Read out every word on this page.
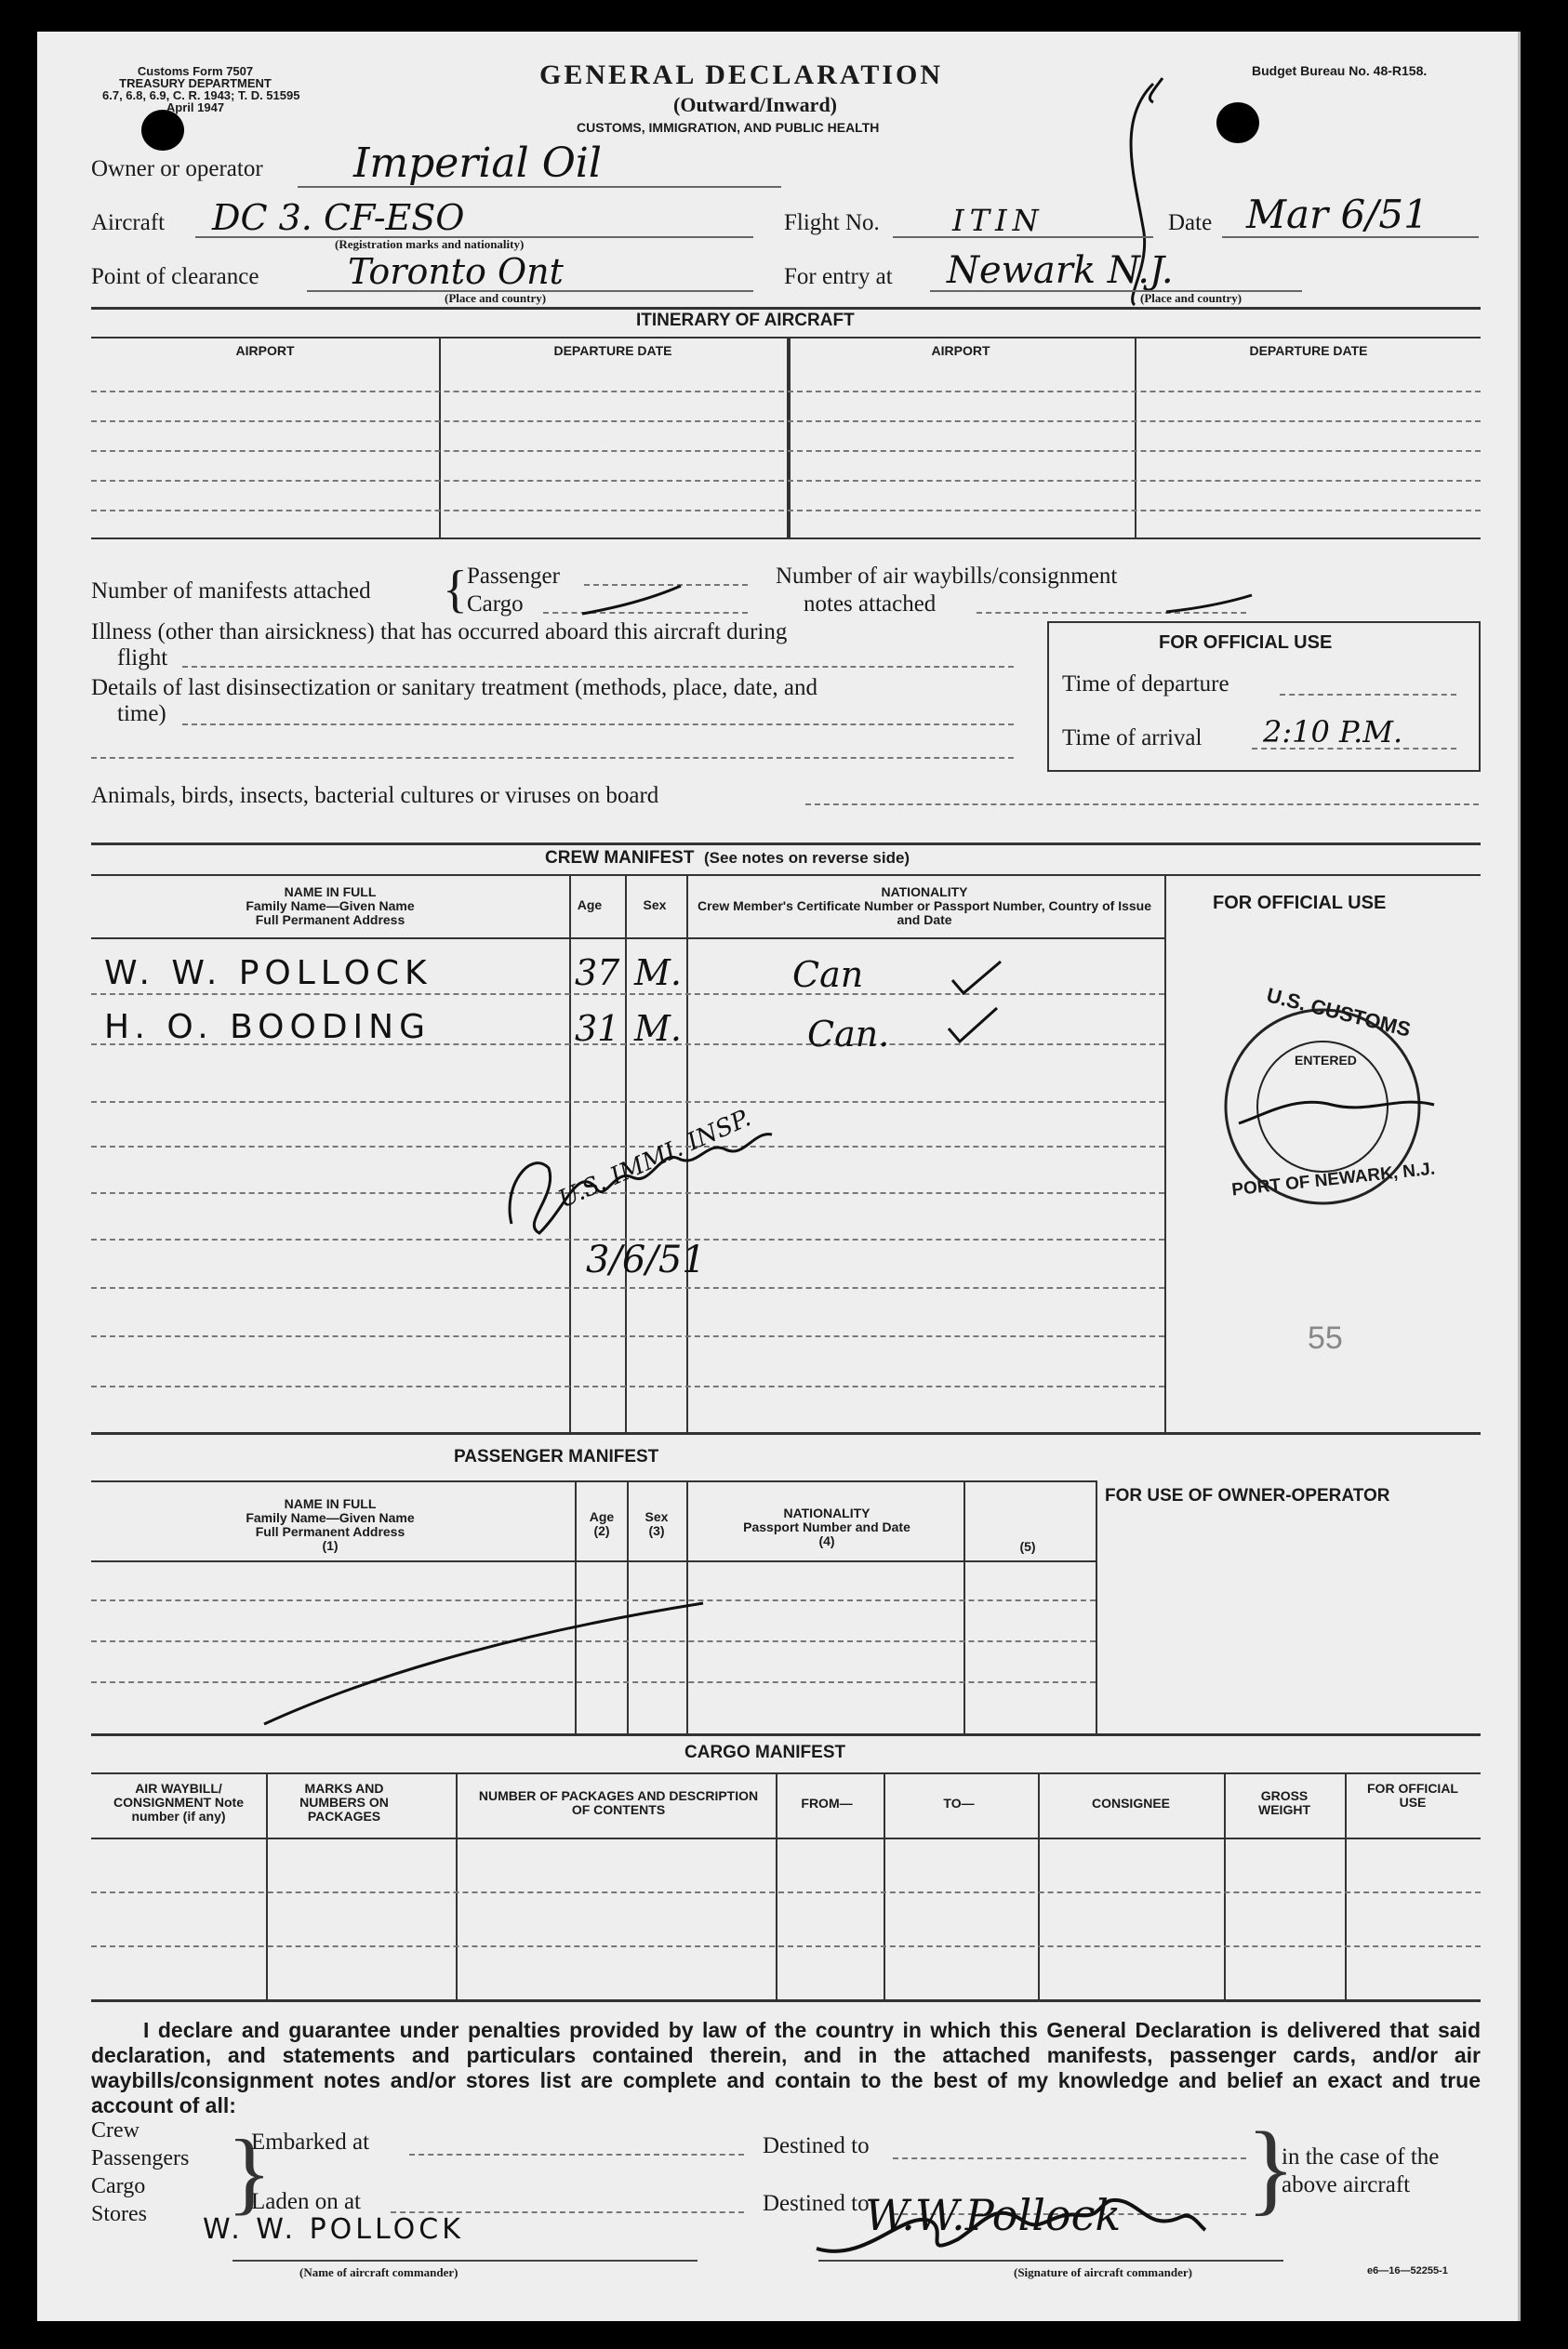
Customs Form 7507
TREASURY DEPARTMENT
6.7, 6.8, 6.9, C. R. 1943; T. D. 51595
April 1947
GENERAL DECLARATION
(Outward/Inward)
CUSTOMS, IMMIGRATION, AND PUBLIC HEALTH
Budget Bureau No. 48-R158.
Owner or operator Imperial Oil
Aircraft DC 3. CF-ESO
(Registration marks and nationality)
Flight No. ITIN	Date Mar 6/51
Point of clearance	Toronto Ont
(Place and country)
For entry at Newark N.J.
(Place and country)
ITINERARY OF AIRCRAFT
AIRPORT	DEPARTURE DATE	AIRPORT	DEPARTURE DATE
Number of manifests attached { Passenger
Cargo
Number of air waybills/consignment
notes attached
Illness (other than airsickness) that has occurred aboard this aircraft during
flight
Details of last disinsectization or sanitary treatment (methods, place, date, and
time)
Animals, birds, insects, bacterial cultures or viruses on board
FOR OFFICIAL USE
Time of departure
Time of arrival 2:10 P.M.
CREW MANIFEST (See notes on reverse side)
NAME IN FULL
Family Name—Given Name
Full Permanent Address
Age	Sex
NATIONALITY
Crew Member's Certificate Number or Passport Number, Country of Issue and Date
FOR OFFICIAL USE
W. W. POLLOCK	37 M.	Can
H. O. BOODING	31 M.	Can.
U.S. IMMI. INSP.
3/6/51
U.S. CUSTOMS
ENTERED
PORT OF NEWARK, N.J.
55
PASSENGER MANIFEST
NAME IN FULL
Family Name—Given Name
Full Permanent Address
(1)
Age
(2)
Sex
(3)
NATIONALITY
Passport Number and Date
(4)	(5)
FOR USE OF OWNER-OPERATOR
CARGO MANIFEST
AIR WAYBILL/ CONSIGNMENT Note number (if any)
MARKS AND NUMBERS ON PACKAGES
NUMBER OF PACKAGES AND DESCRIPTION OF CONTENTS	FROM—	TO—	CONSIGNEE	GROSS WEIGHT
FOR OFFICIAL USE
I declare and guarantee under penalties provided by law of the country in which this General Declaration is delivered that said declaration, and statements and particulars contained therein, and in the attached manifests, passenger cards, and/or air waybills/consignment notes and/or stores list are complete and contain to the best of my knowledge and belief an exact and true account of all:
Crew
Passengers
Cargo
Stores }
Embarked at
Laden on at
W. W. POLLOCK
(Name of aircraft commander)
Destined to
Destined to	}
in the case of the
above aircraft
W.W.Pollock
(Signature of aircraft commander)	e6—16—52255-1
